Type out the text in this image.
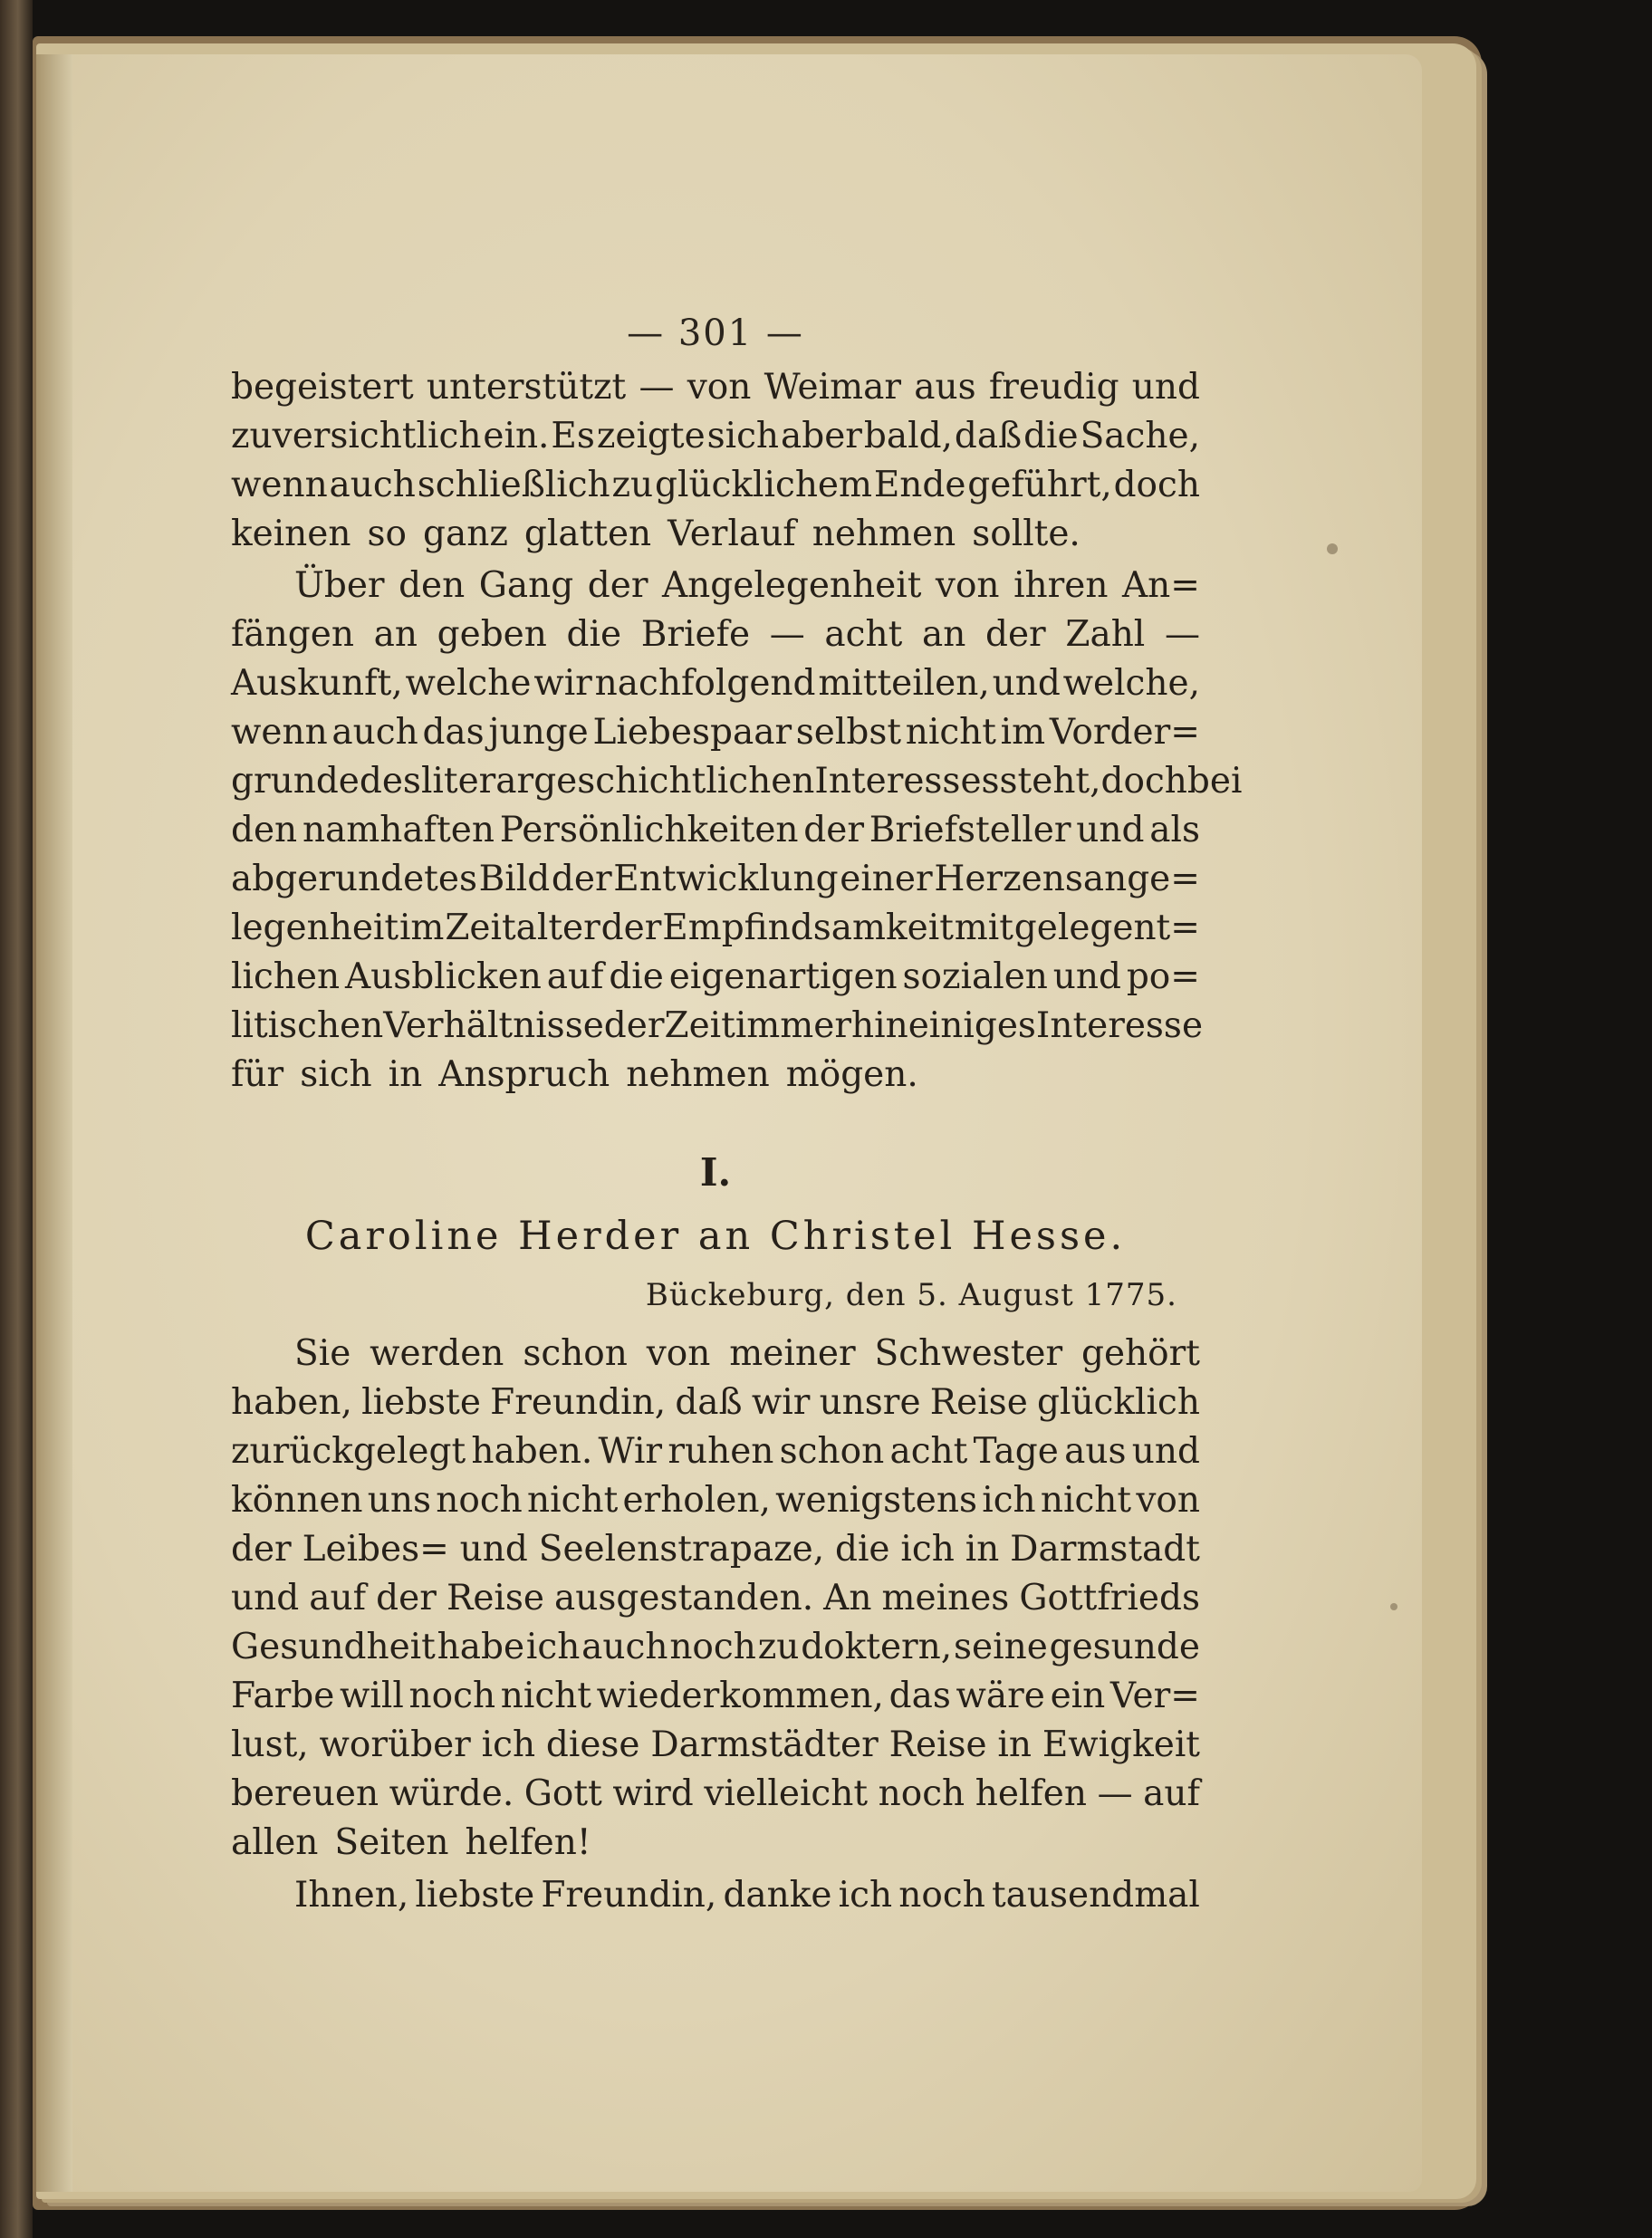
— 301 —
begeistert unterstützt — von Weimar aus freudig und
zuversichtlich ein. Es zeigte sich aber bald, daß die Sache,
wenn auch schließlich zu glücklichem Ende geführt, doch
keinen so ganz glatten Verlauf nehmen sollte.
Über den Gang der Angelegenheit von ihren An=
fängen an geben die Briefe — acht an der Zahl —
Auskunft, welche wir nachfolgend mitteilen, und welche,
wenn auch das junge Liebespaar selbst nicht im Vorder=
grunde des literargeschichtlichen Interesses steht, doch bei
den namhaften Persönlichkeiten der Briefsteller und als
abgerundetes Bild der Entwicklung einer Herzensange=
legenheit im Zeitalter der Empfindsamkeit mit gelegent=
lichen Ausblicken auf die eigenartigen sozialen und po=
litischen Verhältnisse der Zeit immerhin einiges Interesse
für sich in Anspruch nehmen mögen.
I.
Caroline Herder an Christel Hesse.
Bückeburg, den 5. August 1775.
Sie werden schon von meiner Schwester gehört
haben, liebste Freundin, daß wir unsre Reise glücklich
zurückgelegt haben. Wir ruhen schon acht Tage aus und
können uns noch nicht erholen, wenigstens ich nicht von
der Leibes= und Seelenstrapaze, die ich in Darmstadt
und auf der Reise ausgestanden. An meines Gottfrieds
Gesundheit habe ich auch noch zu doktern, seine gesunde
Farbe will noch nicht wiederkommen, das wäre ein Ver=
lust, worüber ich diese Darmstädter Reise in Ewigkeit
bereuen würde. Gott wird vielleicht noch helfen — auf
allen Seiten helfen!
Ihnen, liebste Freundin, danke ich noch tausendmal
